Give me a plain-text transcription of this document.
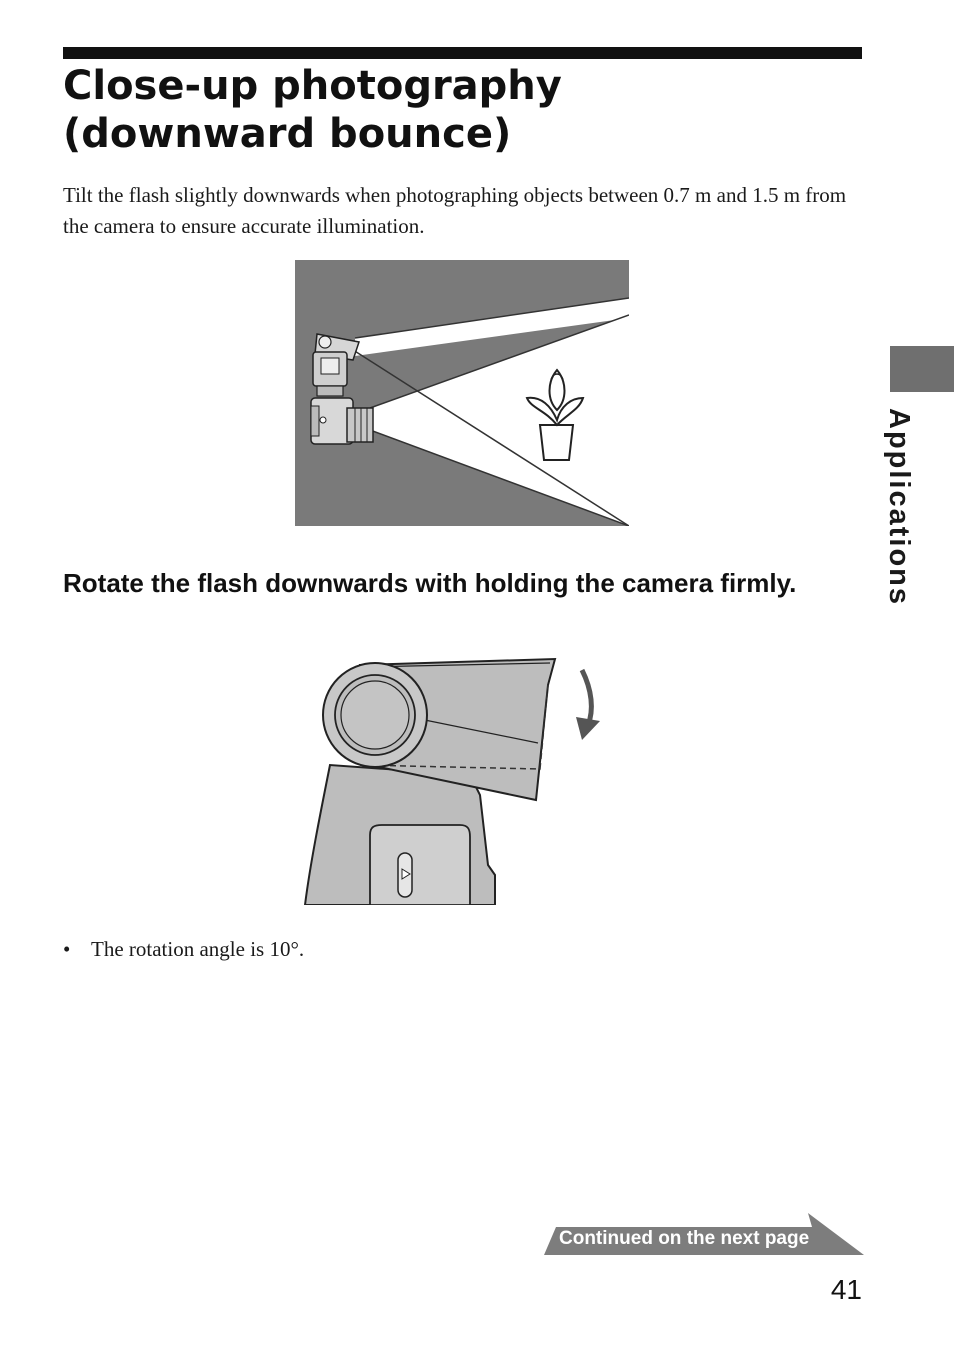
Close-up photography
(downward bounce)

Tilt the flash slightly downwards when photographing objects between 0.7 m and 1.5 m from the camera to ensure accurate illumination.

Rotate the flash downwards with holding the camera firmly.

• The rotation angle is 10°.

Applications
Continued on the next page
41
